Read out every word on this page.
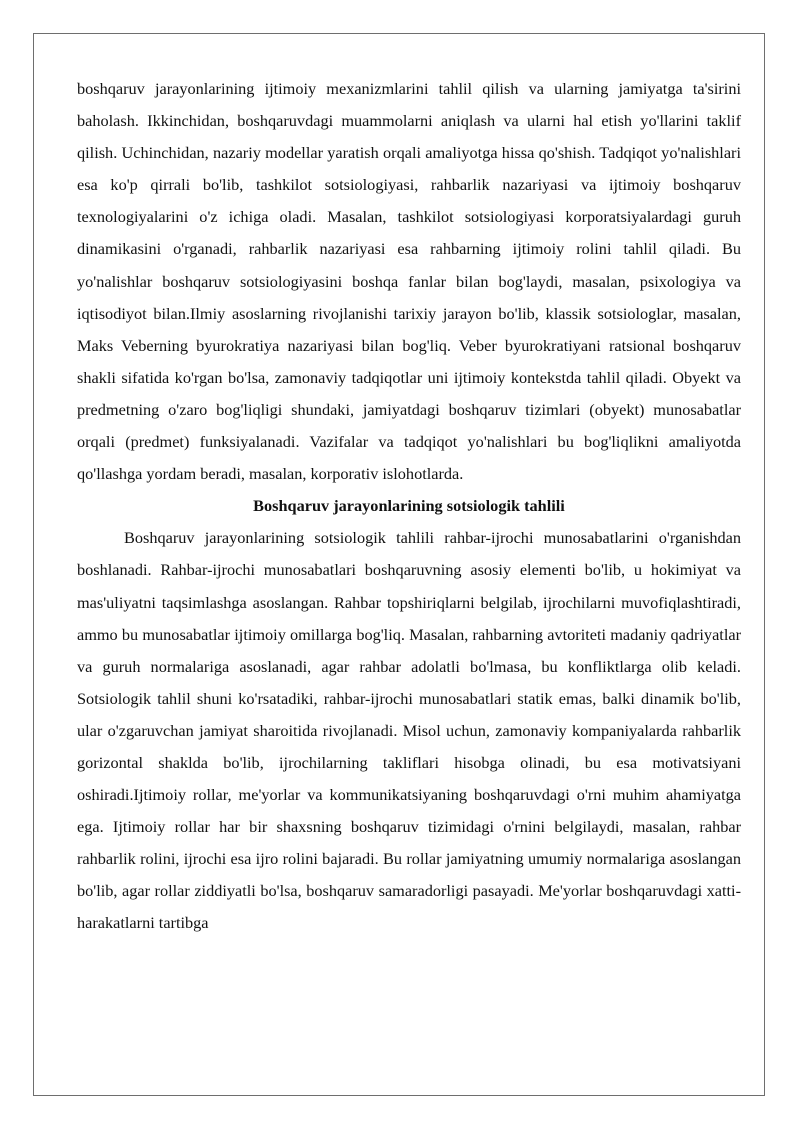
boshqaruv jarayonlarining ijtimoiy mexanizmlarini tahlil qilish va ularning jamiyatga ta'sirini baholash. Ikkinchidan, boshqaruvdagi muammolarni aniqlash va ularni hal etish yo'llarini taklif qilish. Uchinchidan, nazariy modellar yaratish orqali amaliyotga hissa qo'shish. Tadqiqot yo'nalishlari esa ko'p qirrali bo'lib, tashkilot sotsiologiyasi, rahbarlik nazariyasi va ijtimoiy boshqaruv texnologiyalarini o'z ichiga oladi. Masalan, tashkilot sotsiologiyasi korporatsiyalardagi guruh dinamikasini o'rganadi, rahbarlik nazariyasi esa rahbarning ijtimoiy rolini tahlil qiladi. Bu yo'nalishlar boshqaruv sotsiologiyasini boshqa fanlar bilan bog'laydi, masalan, psixologiya va iqtisodiyot bilan.Ilmiy asoslarning rivojlanishi tarixiy jarayon bo'lib, klassik sotsiologlar, masalan, Maks Veberning byurokratiya nazariyasi bilan bog'liq. Veber byurokratiyani ratsional boshqaruv shakli sifatida ko'rgan bo'lsa, zamonaviy tadqiqotlar uni ijtimoiy kontekstda tahlil qiladi. Obyekt va predmetning o'zaro bog'liqligi shundaki, jamiyatdagi boshqaruv tizimlari (obyekt) munosabatlar orqali (predmet) funksiyalanadi. Vazifalar va tadqiqot yo'nalishlari bu bog'liqlikni amaliyotda qo'llashga yordam beradi, masalan, korporativ islohotlarda.

Boshqaruv jarayonlarining sotsiologik tahlili

Boshqaruv jarayonlarining sotsiologik tahlili rahbar-ijrochi munosabatlarini o'rganishdan boshlanadi. Rahbar-ijrochi munosabatlari boshqaruvning asosiy elementi bo'lib, u hokimiyat va mas'uliyatni taqsimlashga asoslangan. Rahbar topshiriqlarni belgilab, ijrochilarni muvofiqlashtiradi, ammo bu munosabatlar ijtimoiy omillarga bog'liq. Masalan, rahbarning avtoriteti madaniy qadriyatlar va guruh normalariga asoslanadi, agar rahbar adolatli bo'lmasa, bu konfliktlarga olib keladi. Sotsiologik tahlil shuni ko'rsatadiki, rahbar-ijrochi munosabatlari statik emas, balki dinamik bo'lib, ular o'zgaruvchan jamiyat sharoitida rivojlanadi. Misol uchun, zamonaviy kompaniyalarda rahbarlik gorizontal shaklda bo'lib, ijrochilarning takliflari hisobga olinadi, bu esa motivatsiyani oshiradi.Ijtimoiy rollar, me'yorlar va kommunikatsiyaning boshqaruvdagi o'rni muhim ahamiyatga ega. Ijtimoiy rollar har bir shaxsning boshqaruv tizimidagi o'rnini belgilaydi, masalan, rahbar rahbarlik rolini, ijrochi esa ijro rolini bajaradi. Bu rollar jamiyatning umumiy normalariga asoslangan bo'lib, agar rollar ziddiyatli bo'lsa, boshqaruv samaradorligi pasayadi. Me'yorlar boshqaruvdagi xatti-harakatlarni tartibga
